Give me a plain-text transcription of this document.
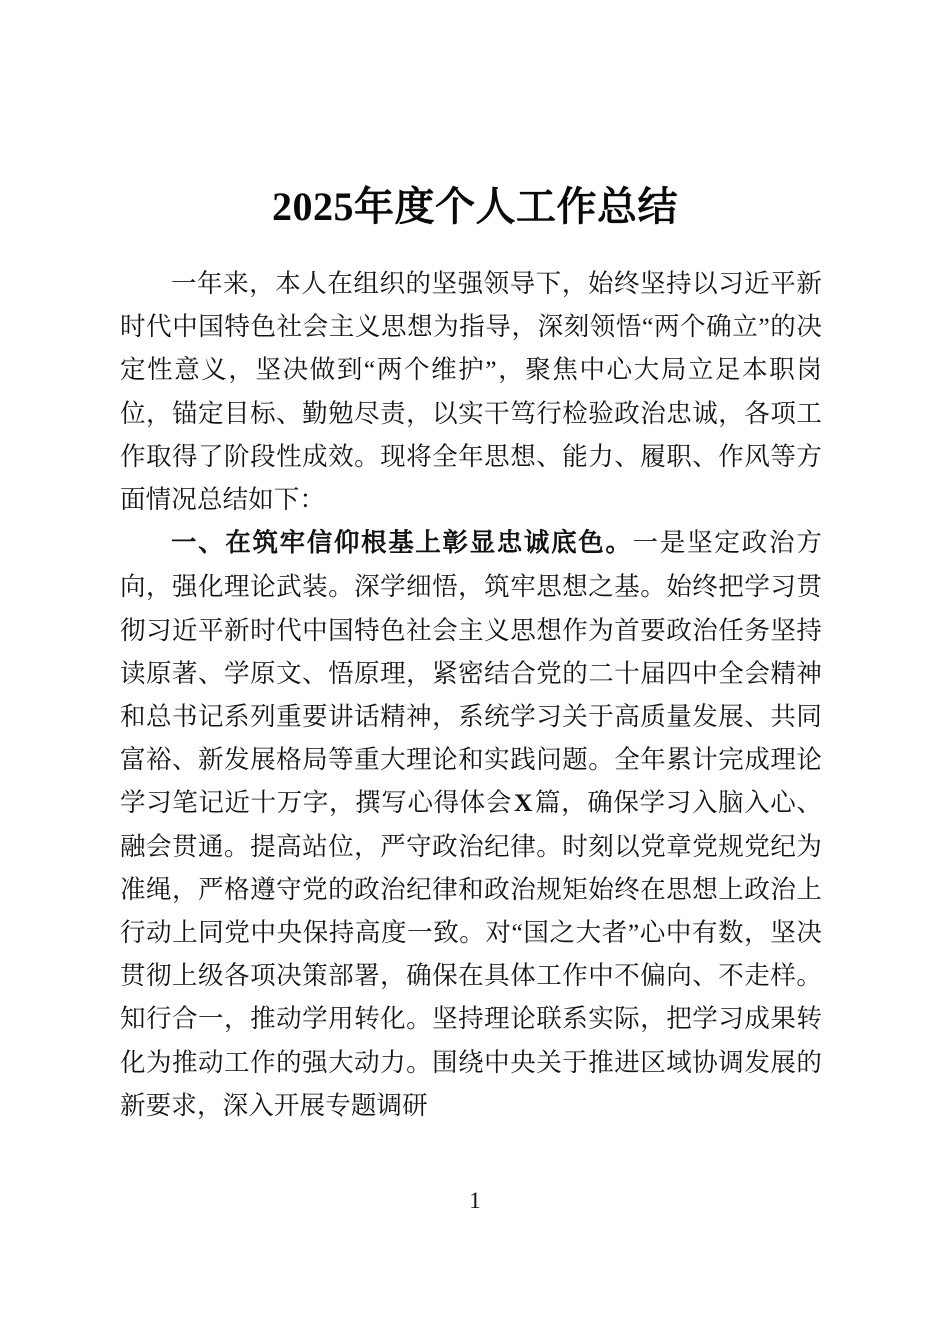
2025年度个人工作总结

一年来，本人在组织的坚强领导下，始终坚持以习近平新时代中国特色社会主义思想为指导，深刻领悟“两个确立”的决定性意义，坚决做到“两个维护”，聚焦中心大局立足本职岗位，锚定目标、勤勉尽责，以实干笃行检验政治忠诚，各项工作取得了阶段性成效。现将全年思想、能力、履职、作风等方面情况总结如下：

一、在筑牢信仰根基上彰显忠诚底色。一是坚定政治方向，强化理论武装。深学细悟，筑牢思想之基。始终把学习贯彻习近平新时代中国特色社会主义思想作为首要政治任务坚持读原著、学原文、悟原理，紧密结合党的二十届四中全会精神和总书记系列重要讲话精神，系统学习关于高质量发展、共同富裕、新发展格局等重大理论和实践问题。全年累计完成理论学习笔记近十万字，撰写心得体会X篇，确保学习入脑入心、融会贯通。提高站位，严守政治纪律。时刻以党章党规党纪为准绳，严格遵守党的政治纪律和政治规矩始终在思想上政治上行动上同党中央保持高度一致。对“国之大者”心中有数，坚决贯彻上级各项决策部署，确保在具体工作中不偏向、不走样。知行合一，推动学用转化。坚持理论联系实际，把学习成果转化为推动工作的强大动力。围绕中央关于推进区域协调发展的新要求，深入开展专题调研

1
